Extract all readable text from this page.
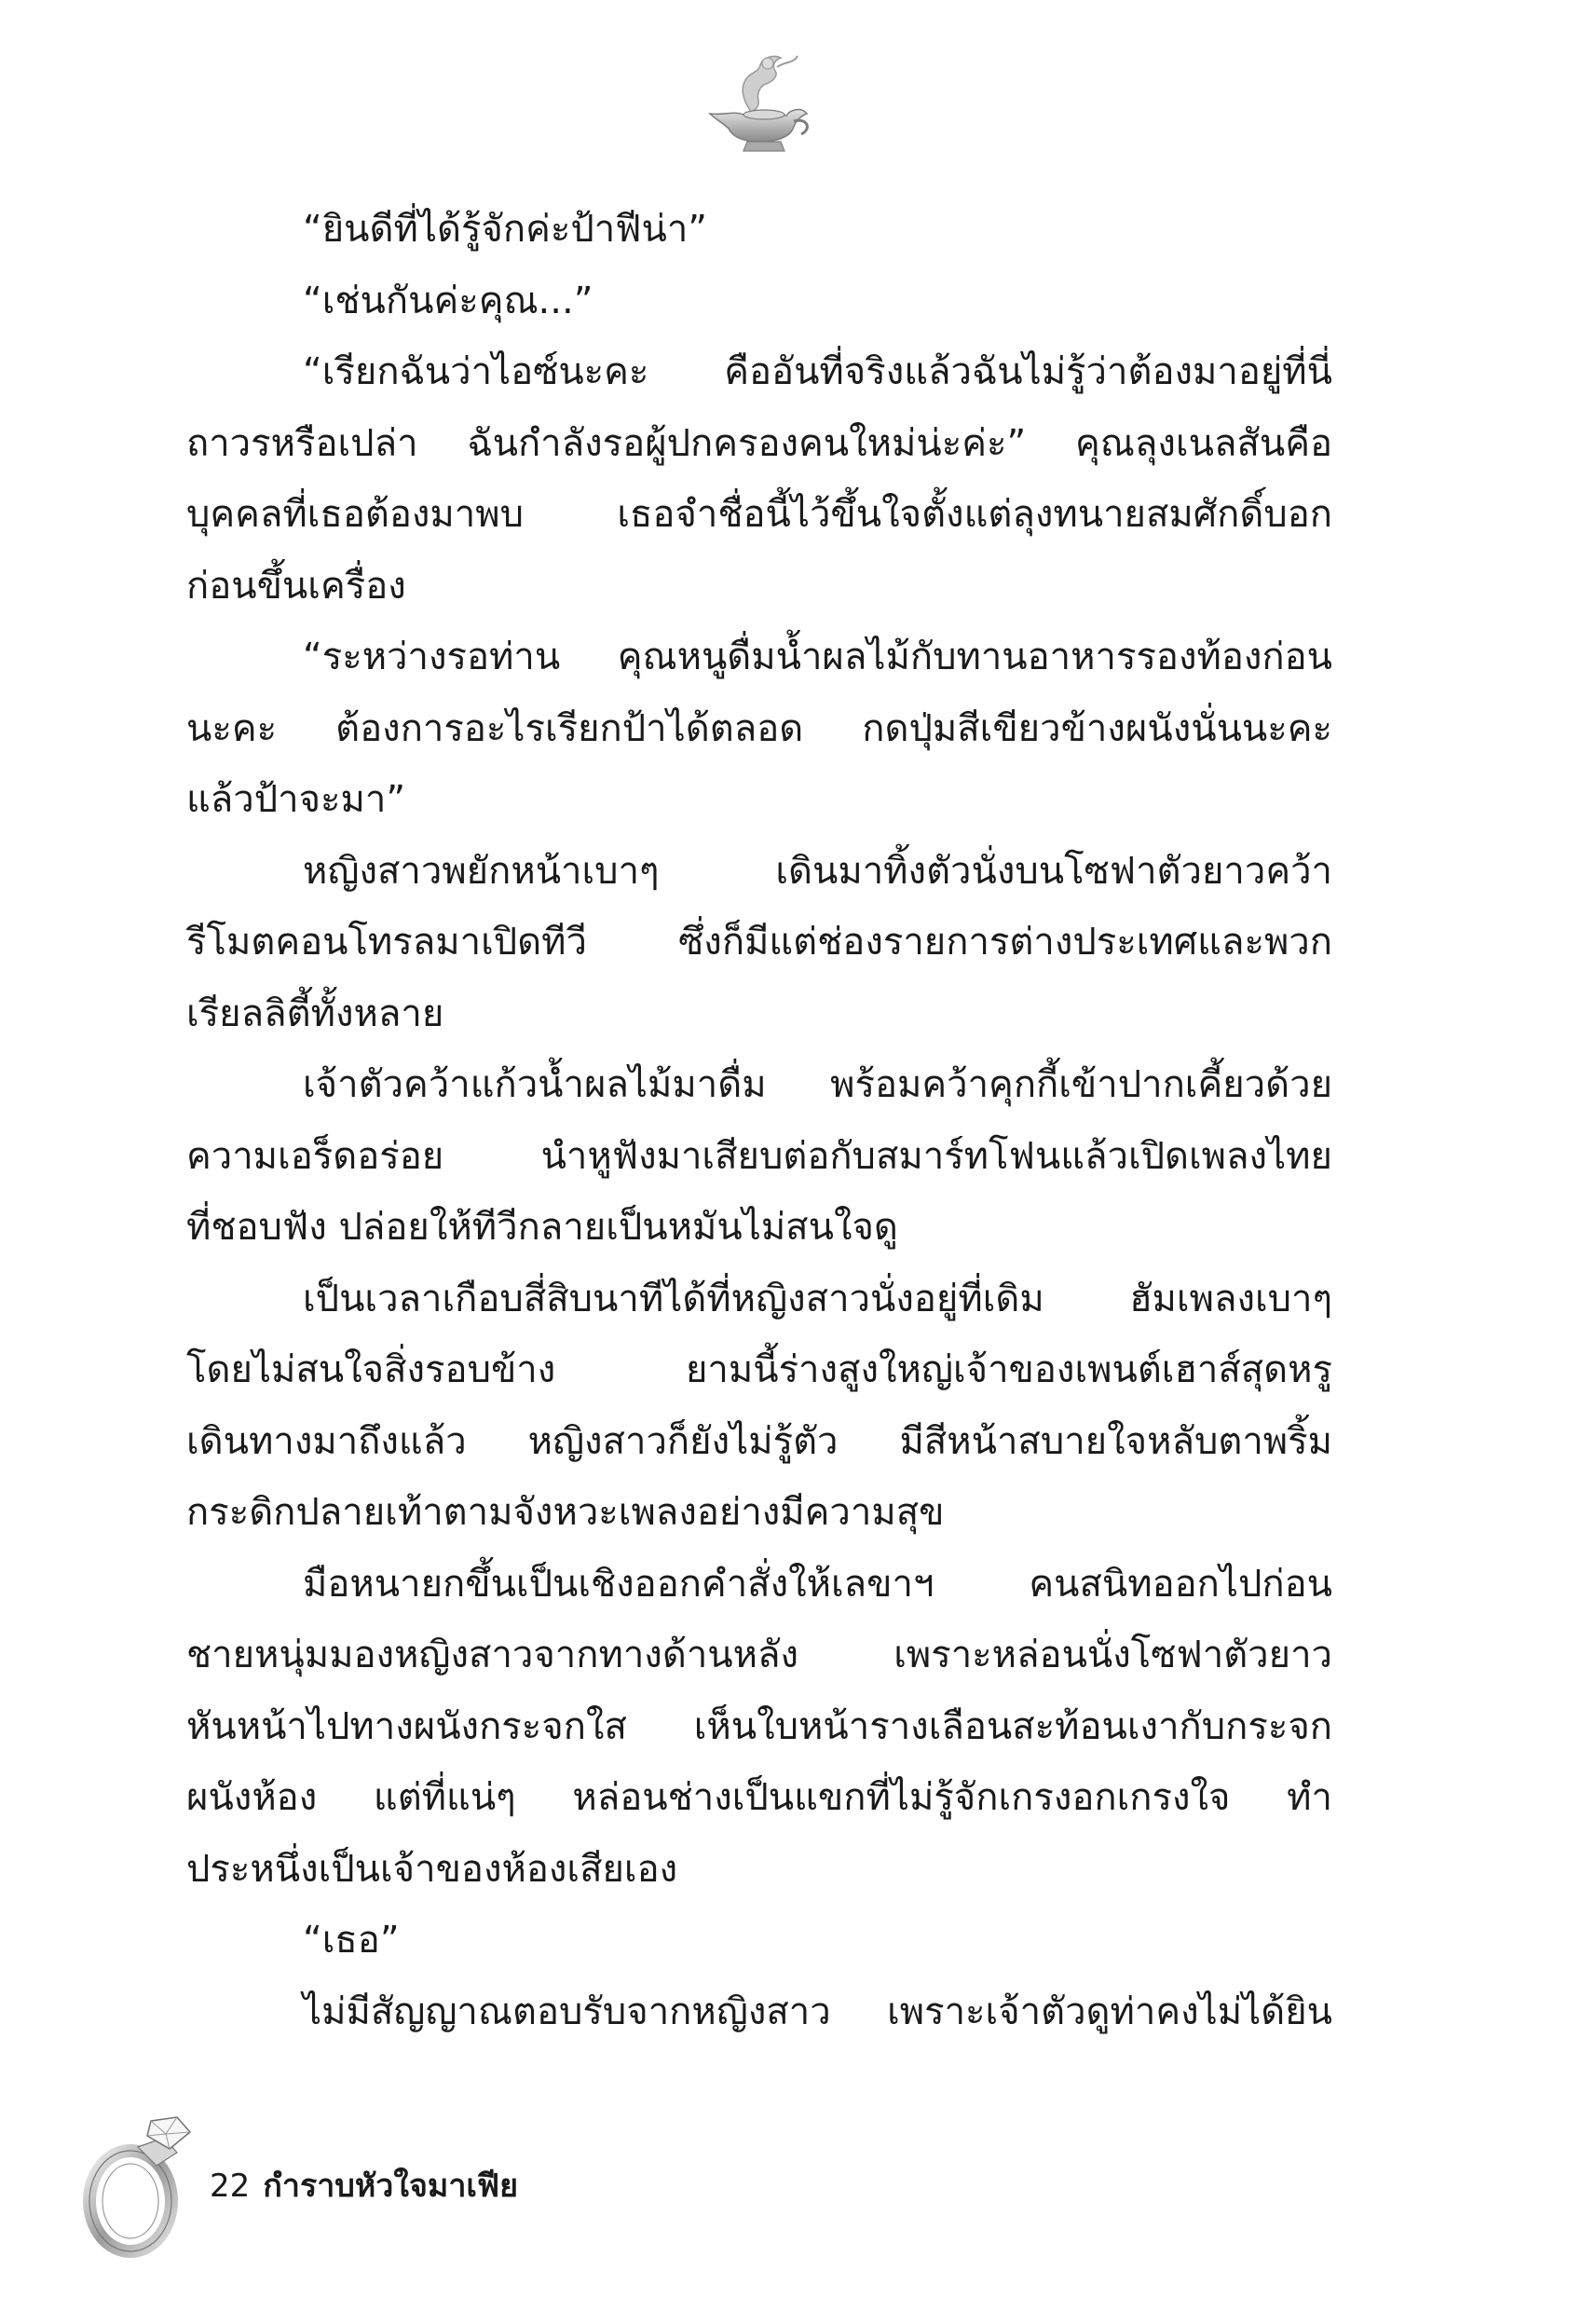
“ยินดีที่ได้รู้จักค่ะป้าฟีน่า”
“เช่นกันค่ะคุณ...”
“เรียกฉันว่าไอซ์นะคะ คืออันที่จริงแล้วฉันไม่รู้ว่าต้องมาอยู่ที่นี่
ถาวรหรือเปล่า ฉันกำลังรอผู้ปกครองคนใหม่น่ะค่ะ” คุณลุงเนลสันคือ
บุคคลที่เธอต้องมาพบ เธอจำชื่อนี้ไว้ขึ้นใจตั้งแต่ลุงทนายสมศักดิ์บอก
ก่อนขึ้นเครื่อง
“ระหว่างรอท่าน คุณหนูดื่มน้ำผลไม้กับทานอาหารรองท้องก่อน
นะคะ ต้องการอะไรเรียกป้าได้ตลอด กดปุ่มสีเขียวข้างผนังนั่นนะคะ
แล้วป้าจะมา”
หญิงสาวพยักหน้าเบาๆ เดินมาทิ้งตัวนั่งบนโซฟาตัวยาวคว้า
รีโมตคอนโทรลมาเปิดทีวี ซึ่งก็มีแต่ช่องรายการต่างประเทศและพวก
เรียลลิตี้ทั้งหลาย
เจ้าตัวคว้าแก้วน้ำผลไม้มาดื่ม พร้อมคว้าคุกกี้เข้าปากเคี้ยวด้วย
ความเอร็ดอร่อย นำหูฟังมาเสียบต่อกับสมาร์ทโฟนแล้วเปิดเพลงไทย
ที่ชอบฟัง ปล่อยให้ทีวีกลายเป็นหมันไม่สนใจดู
เป็นเวลาเกือบสี่สิบนาทีได้ที่หญิงสาวนั่งอยู่ที่เดิม ฮัมเพลงเบาๆ
โดยไม่สนใจสิ่งรอบข้าง ยามนี้ร่างสูงใหญ่เจ้าของเพนต์เฮาส์สุดหรู
เดินทางมาถึงแล้ว หญิงสาวก็ยังไม่รู้ตัว มีสีหน้าสบายใจหลับตาพริ้ม
กระดิกปลายเท้าตามจังหวะเพลงอย่างมีความสุข
มือหนายกขึ้นเป็นเชิงออกคำสั่งให้เลขาฯ คนสนิทออกไปก่อน
ชายหนุ่มมองหญิงสาวจากทางด้านหลัง เพราะหล่อนนั่งโซฟาตัวยาว
หันหน้าไปทางผนังกระจกใส เห็นใบหน้ารางเลือนสะท้อนเงากับกระจก
ผนังห้อง แต่ที่แน่ๆ หล่อนช่างเป็นแขกที่ไม่รู้จักเกรงอกเกรงใจ ทำ
ประหนึ่งเป็นเจ้าของห้องเสียเอง
“เธอ”
ไม่มีสัญญาณตอบรับจากหญิงสาว เพราะเจ้าตัวดูท่าคงไม่ได้ยิน
22 กำราบหัวใจมาเฟีย
